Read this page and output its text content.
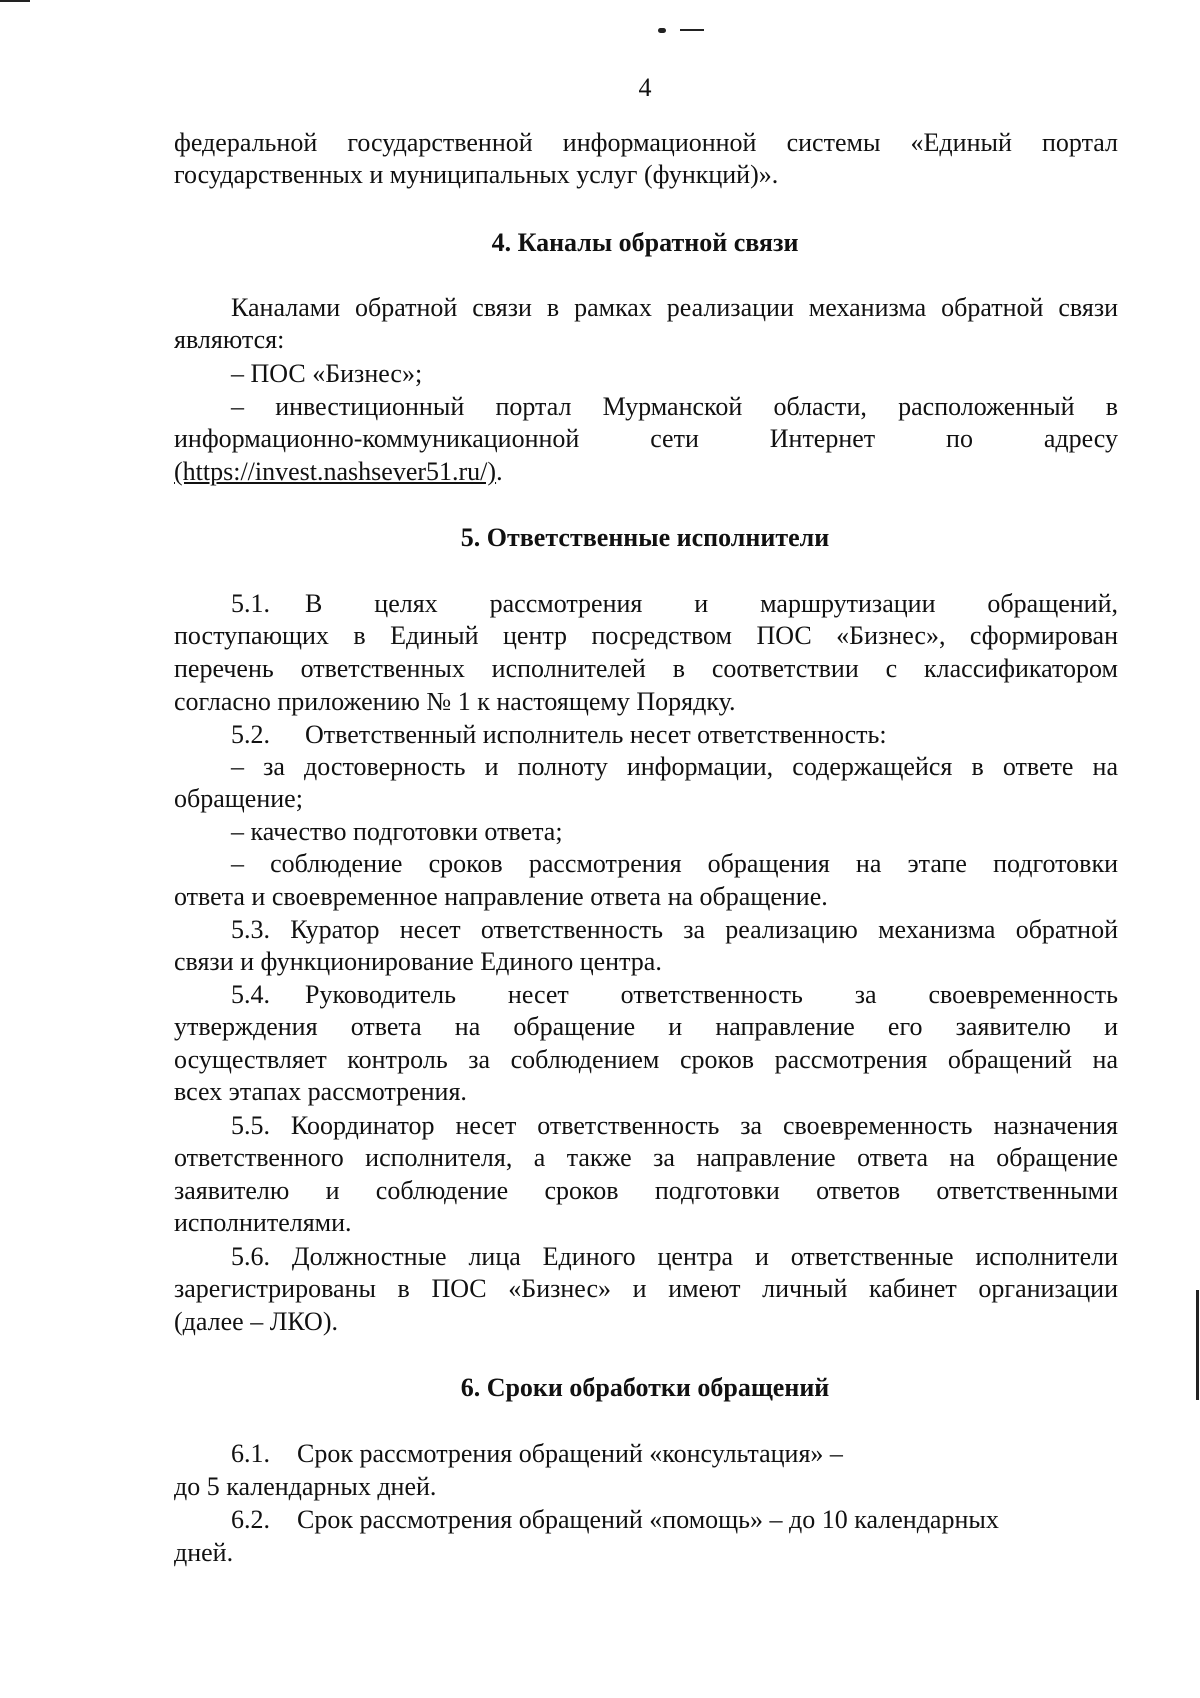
4
федеральной государственной информационной системы «Единый портал
государственных и муниципальных услуг (функций)».
4. Каналы обратной связи
Каналами обратной связи в рамках реализации механизма обратной связи
являются:
– ПОС «Бизнес»;
– инвестиционный портал Мурманской области, расположенный в
информационно-коммуникационной сети Интернет по адресу
(https://invest.nashsever51.ru/).
5. Ответственные исполнители
5.1. В целях рассмотрения и маршрутизации обращений,
поступающих в Единый центр посредством ПОС «Бизнес», сформирован
перечень ответственных исполнителей в соответствии с классификатором
согласно приложению № 1 к настоящему Порядку.
5.2. Ответственный исполнитель несет ответственность:
– за достоверность и полноту информации, содержащейся в ответе на
обращение;
– качество подготовки ответа;
– соблюдение сроков рассмотрения обращения на этапе подготовки
ответа и своевременное направление ответа на обращение.
5.3. Куратор несет ответственность за реализацию механизма обратной
связи и функционирование Единого центра.
5.4. Руководитель несет ответственность за своевременность
утверждения ответа на обращение и направление его заявителю и
осуществляет контроль за соблюдением сроков рассмотрения обращений на
всех этапах рассмотрения.
5.5. Координатор несет ответственность за своевременность назначения
ответственного исполнителя, а также за направление ответа на обращение
заявителю и соблюдение сроков подготовки ответов ответственными
исполнителями.
5.6. Должностные лица Единого центра и ответственные исполнители
зарегистрированы в ПОС «Бизнес» и имеют личный кабинет организации
(далее – ЛКО).
6. Сроки обработки обращений
6.1. Срок рассмотрения обращений «консультация» –
до 5 календарных дней.
6.2. Срок рассмотрения обращений «помощь» – до 10 календарных
дней.
